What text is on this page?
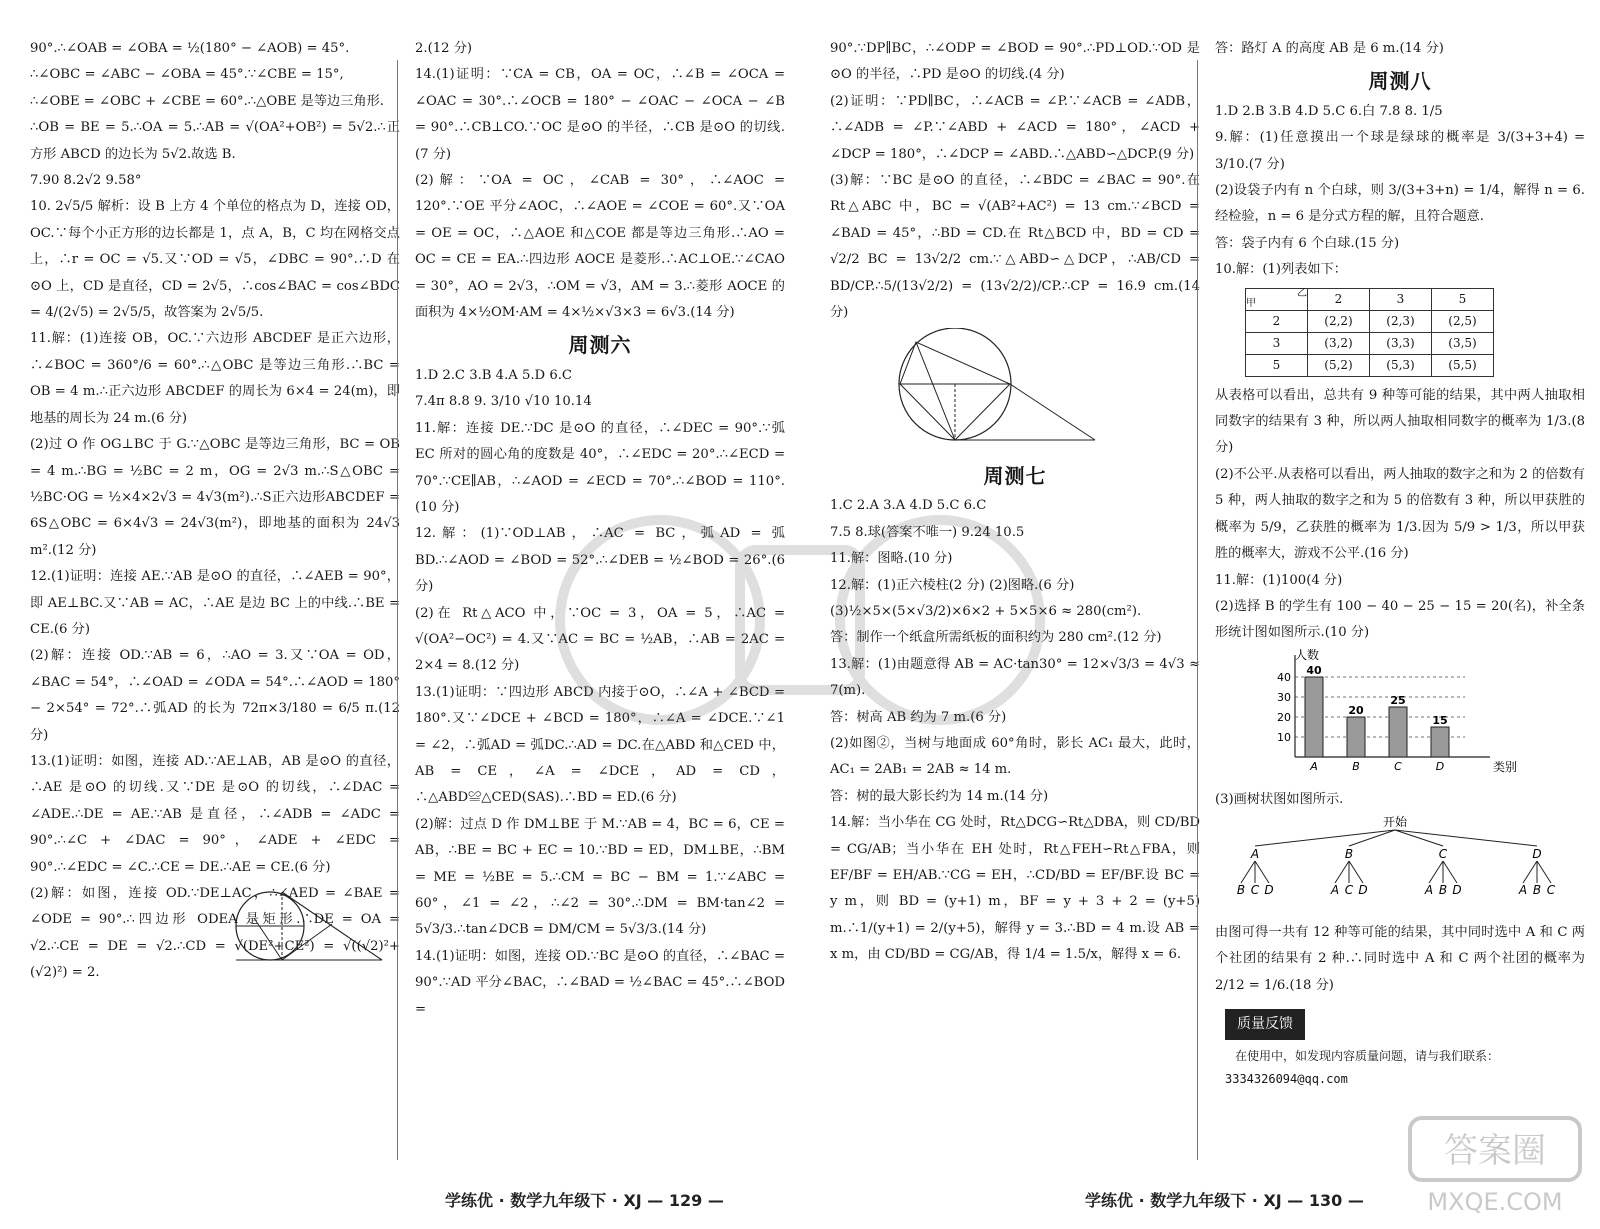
90°.∴∠OAB = ∠OBA = ½(180° − ∠AOB) = 45°.

∴∠OBC = ∠ABC − ∠OBA = 45°.∵∠CBE = 15°,

∴∠OBE = ∠OBC + ∠CBE = 60°.∴△OBE 是等边三角形.

∴OB = BE = 5.∴OA = 5.∴AB = √(OA²+OB²) = 5√2.∴正方形 ABCD 的边长为 5√2.故选 B.

7.90 8.2√2 9.58°

10. 2√5/5 解析：设 B 上方 4 个单位的格点为 D，连接 OD，OC.∵每个小正方形的边长都是 1，点 A，B，C 均在网格交点上，∴r = OC = √5.又∵OD = √5，∠DBC = 90°.∴D 在⊙O 上，CD 是直径，CD = 2√5，∴cos∠BAC = cos∠BDC = 4/(2√5) = 2√5/5，故答案为 2√5/5.

11.解：(1)连接 OB，OC.∵六边形 ABCDEF 是正六边形，∴∠BOC = 360°/6 = 60°.∴△OBC 是等边三角形.∴BC = OB = 4 m.∴正六边形 ABCDEF 的周长为 6×4 = 24(m)，即地基的周长为 24 m.(6 分)

(2)过 O 作 OG⊥BC 于 G.∵△OBC 是等边三角形，BC = OB = 4 m.∴BG = ½BC = 2 m，OG = 2√3 m.∴S△OBC = ½BC·OG = ½×4×2√3 = 4√3(m²).∴S正六边形ABCDEF = 6S△OBC = 6×4√3 = 24√3(m²)，即地基的面积为 24√3 m².(12 分)

12.(1)证明：连接 AE.∵AB 是⊙O 的直径，∴∠AEB = 90°，即 AE⊥BC.又∵AB = AC，∴AE 是边 BC 上的中线.∴BE = CE.(6 分)

(2)解：连接 OD.∵AB = 6，∴AO = 3.又∵OA = OD，∠BAC = 54°，∴∠OAD = ∠ODA = 54°.∴∠AOD = 180° − 2×54° = 72°.∴弧AD 的长为 72π×3/180 = 6/5 π.(12 分)

13.(1)证明：如图，连接 AD.∵AE⊥AB，AB 是⊙O 的直径，∴AE 是⊙O 的切线.又∵DE 是⊙O 的切线，∴∠DAC = ∠ADE.∴DE = AE.∵AB 是直径，∴∠ADB = ∠ADC = 90°.∴∠C + ∠DAC = 90°，∠ADE + ∠EDC = 90°.∴∠EDC = ∠C.∴CE = DE.∴AE = CE.(6 分)

(2)解：如图，连接 OD.∵DE⊥AC，∴∠AED = ∠BAE = ∠ODE = 90°.∴四边形 ODEA 是矩形.∴DE = OA = √2.∴CE = DE = √2.∴CD = √(DE²+CE²) = √((√2)²+(√2)²) = 2.

2.(12 分)

14.(1)证明：∵CA = CB，OA = OC，∴∠B = ∠OCA = ∠OAC = 30°.∴∠OCB = 180° − ∠OAC − ∠OCA − ∠B = 90°.∴CB⊥CO.∵OC 是⊙O 的半径，∴CB 是⊙O 的切线.(7 分)

(2)解：∵OA = OC，∠CAB = 30°，∴∠AOC = 120°.∵OE 平分∠AOC，∴∠AOE = ∠COE = 60°.又∵OA = OE = OC，∴△AOE 和△COE 都是等边三角形.∴AO = OC = CE = EA.∴四边形 AOCE 是菱形.∴AC⊥OE.∵∠CAO = 30°，AO = 2√3，∴OM = √3，AM = 3.∴菱形 AOCE 的面积为 4×½OM·AM = 4×½×√3×3 = 6√3.(14 分)

周测六

1.D 2.C 3.B 4.A 5.D 6.C

7.4π 8.8 9. 3/10 √10 10.14

11.解：连接 DE.∵DC 是⊙O 的直径，∴∠DEC = 90°.∵弧 EC 所对的圆心角的度数是 40°，∴∠EDC = 20°.∴∠ECD = 70°.∵CE∥AB，∴∠AOD = ∠ECD = 70°.∴∠BOD = 110°.(10 分)

12.解：(1)∵OD⊥AB，∴AC = BC，弧AD = 弧BD.∴∠AOD = ∠BOD = 52°.∴∠DEB = ½∠BOD = 26°.(6 分)

(2)在 Rt△ACO 中，∵OC = 3，OA = 5，∴AC = √(OA²−OC²) = 4.又∵AC = BC = ½AB，∴AB = 2AC = 2×4 = 8.(12 分)

13.(1)证明：∵四边形 ABCD 内接于⊙O，∴∠A + ∠BCD = 180°.又∵∠DCE + ∠BCD = 180°，∴∠A = ∠DCE.∵∠1 = ∠2，∴弧AD = 弧DC.∴AD = DC.在△ABD 和△CED 中，AB = CE，∠A = ∠DCE，AD = CD，∴△ABD≌△CED(SAS).∴BD = ED.(6 分)

(2)解：过点 D 作 DM⊥BE 于 M.∵AB = 4，BC = 6，CE = AB，∴BE = BC + EC = 10.∵BD = ED，DM⊥BE，∴BM = ME = ½BE = 5.∴CM = BC − BM = 1.∵∠ABC = 60°，∠1 = ∠2，∴∠2 = 30°.∴DM = BM·tan∠2 = 5√3/3.∴tan∠DCB = DM/CM = 5√3/3.(14 分)

14.(1)证明：如图，连接 OD.∵BC 是⊙O 的直径，∴∠BAC = 90°.∵AD 平分∠BAC，∴∠BAD = ½∠BAC = 45°.∴∠BOD =

90°.∵DP∥BC，∴∠ODP = ∠BOD = 90°.∴PD⊥OD.∵OD 是⊙O 的半径，∴PD 是⊙O 的切线.(4 分)

(2)证明：∵PD∥BC，∴∠ACB = ∠P.∵∠ACB = ∠ADB，∴∠ADB = ∠P.∵∠ABD + ∠ACD = 180°，∠ACD + ∠DCP = 180°，∴∠DCP = ∠ABD.∴△ABD∽△DCP.(9 分)

(3)解：∵BC 是⊙O 的直径，∴∠BDC = ∠BAC = 90°.在 Rt△ABC 中，BC = √(AB²+AC²) = 13 cm.∵∠BCD = ∠BAD = 45°，∴BD = CD.在 Rt△BCD 中，BD = CD = √2/2 BC = 13√2/2 cm.∵△ABD∽△DCP，∴AB/CD = BD/CP.∴5/(13√2/2) = (13√2/2)/CP.∴CP = 16.9 cm.(14 分)

周测七

1.C 2.A 3.A 4.D 5.C 6.C

7.5 8.球(答案不唯一) 9.24 10.5

11.解：图略.(10 分)

12.解：(1)正六棱柱(2 分) (2)图略.(6 分)

(3)½×5×(5×√3/2)×6×2 + 5×5×6 ≈ 280(cm²).

答：制作一个纸盒所需纸板的面积约为 280 cm².(12 分)

13.解：(1)由题意得 AB = AC·tan30° = 12×√3/3 = 4√3 ≈ 7(m).

答：树高 AB 约为 7 m.(6 分)

(2)如图②，当树与地面成 60°角时，影长 AC₁ 最大，此时，AC₁ = 2AB₁ = 2AB ≈ 14 m.

答：树的最大影长约为 14 m.(14 分)

14.解：当小华在 CG 处时，Rt△DCG∽Rt△DBA，则 CD/BD = CG/AB；当小华在 EH 处时，Rt△FEH∽Rt△FBA，则 EF/BF = EH/AB.∵CG = EH，∴CD/BD = EF/BF.设 BC = y m，则 BD = (y+1) m，BF = y + 3 + 2 = (y+5) m.∴1/(y+1) = 2/(y+5)，解得 y = 3.∴BD = 4 m.设 AB = x m，由 CD/BD = CG/AB，得 1/4 = 1.5/x，解得 x = 6.

答：路灯 A 的高度 AB 是 6 m.(14 分)

周测八

1.D 2.B 3.B 4.D 5.C 6.白 7.8 8. 1/5

9.解：(1)任意摸出一个球是绿球的概率是 3/(3+3+4) = 3/10.(7 分)

(2)设袋子内有 n 个白球，则 3/(3+3+n) = 1/4，解得 n = 6.经检验，n = 6 是分式方程的解，且符合题意.

答：袋子内有 6 个白球.(15 分)

10.解：(1)列表如下：

乙
甲	2	3	5
2	(2,2)	(2,3)	(2,5)
3	(3,2)	(3,3)	(3,5)
5	(5,2)	(5,3)	(5,5)

从表格可以看出，总共有 9 种等可能的结果，其中两人抽取相同数字的结果有 3 种，所以两人抽取相同数字的概率为 1/3.(8 分)

(2)不公平.从表格可以看出，两人抽取的数字之和为 2 的倍数有 5 种，两人抽取的数字之和为 5 的倍数有 3 种，所以甲获胜的概率为 5/9，乙获胜的概率为 1/3.因为 5/9 > 1/3，所以甲获胜的概率大，游戏不公平.(16 分)

11.解：(1)100(4 分)

(2)选择 B 的学生有 100 − 40 − 25 − 15 = 20(名)，补全条形统计图如图所示.(10 分)

人数
类别
10
20
30
40
40
A
20
B
25
C
15
D

(3)画树状图如图所示.

开始
A
B C D
B
A C D
C
A B D
D
A B C

由图可得一共有 12 种等可能的结果，其中同时选中 A 和 C 两个社团的结果有 2 种.∴同时选中 A 和 C 两个社团的概率为 2/12 = 1/6.(18 分)

质量反馈

在使用中，如发现内容质量问题，请与我们联系：

3334326094@qq.com

学练优 · 数学九年级下 · XJ — 129 —	学练优 · 数学九年级下 · XJ — 130 —
答案圈
MXQE.COM
